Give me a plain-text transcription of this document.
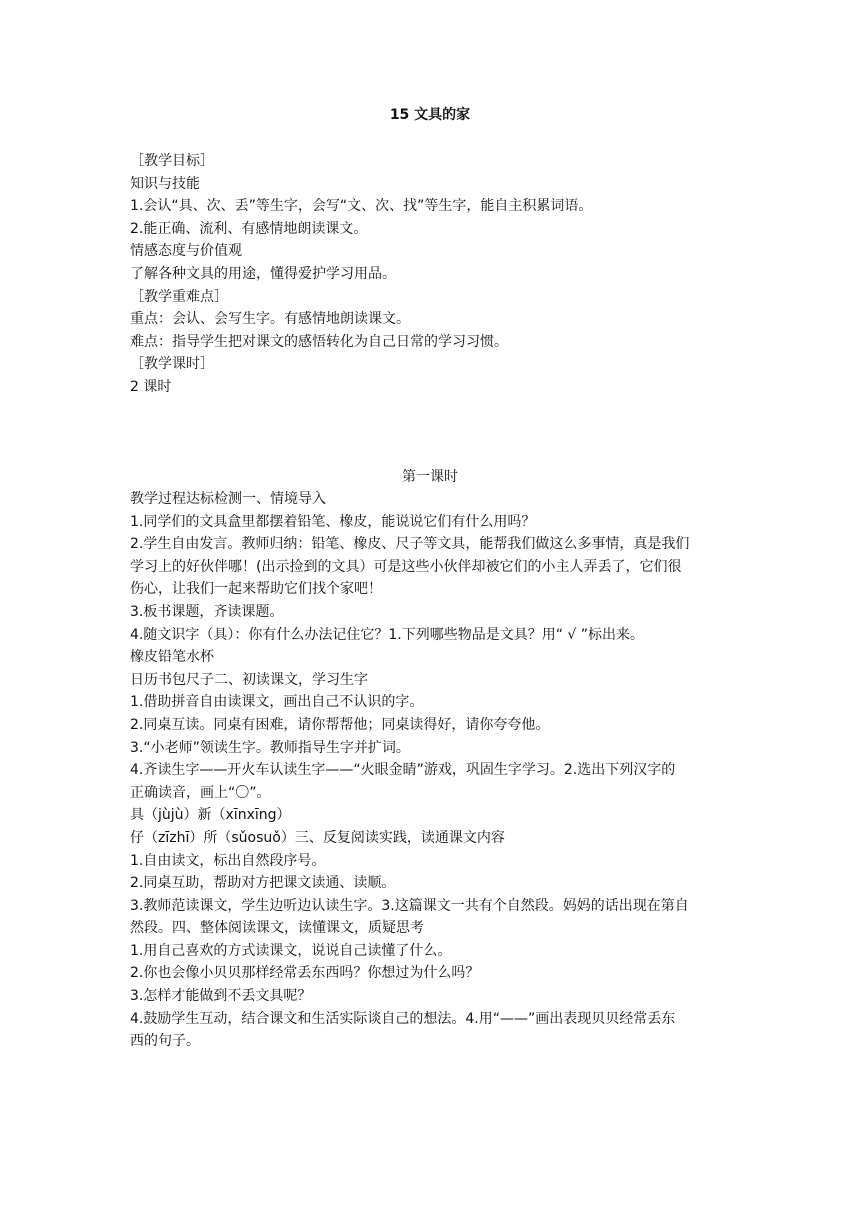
15 文具的家

［教学目标］

知识与技能

1.会认“具、次、丢”等生字，会写“文、次、找”等生字，能自主积累词语。

2.能正确、流利、有感情地朗读课文。

情感态度与价值观

了解各种文具的用途，懂得爱护学习用品。

［教学重难点］

重点：会认、会写生字。有感情地朗读课文。

难点：指导学生把对课文的感悟转化为自己日常的学习习惯。

［教学课时］

2 课时

第一课时

教学过程达标检测一、情境导入

1.同学们的文具盒里都摆着铅笔、橡皮，能说说它们有什么用吗？

2.学生自由发言。教师归纳：铅笔、橡皮、尺子等文具，能帮我们做这么多事情，真是我们

学习上的好伙伴哪！(出示捡到的文具）可是这些小伙伴却被它们的小主人弄丢了，它们很

伤心，让我们一起来帮助它们找个家吧！

3.板书课题，齐读课题。

4.随文识字（具）：你有什么办法记住它？1.下列哪些物品是文具？用“ √ ”标出来。

橡皮铅笔水杯

日历书包尺子二、初读课文，学习生字

1.借助拼音自由读课文，画出自己不认识的字。

2.同桌互读。同桌有困难，请你帮帮他；同桌读得好，请你夸夸他。

3.“小老师”领读生字。教师指导生字并扩词。

4.齐读生字——开火车认读生字——“火眼金睛”游戏，巩固生字学习。2.选出下列汉字的

正确读音，画上“〇”。

具（jùjù）新（xīnxīng）

仔（zīzhī）所（sǔosuǒ）三、反复阅读实践，读通课文内容

1.自由读文，标出自然段序号。

2.同桌互助，帮助对方把课文读通、读顺。

3.教师范读课文，学生边听边认读生字。3.这篇课文一共有个自然段。妈妈的话出现在第自

然段。四、整体阅读课文，读懂课文，质疑思考

1.用自己喜欢的方式读课文，说说自己读懂了什么。

2.你也会像小贝贝那样经常丢东西吗？你想过为什么吗？

3.怎样才能做到不丢文具呢？

4.鼓励学生互动，结合课文和生活实际谈自己的想法。4.用“——”画出表现贝贝经常丢东

西的句子。
